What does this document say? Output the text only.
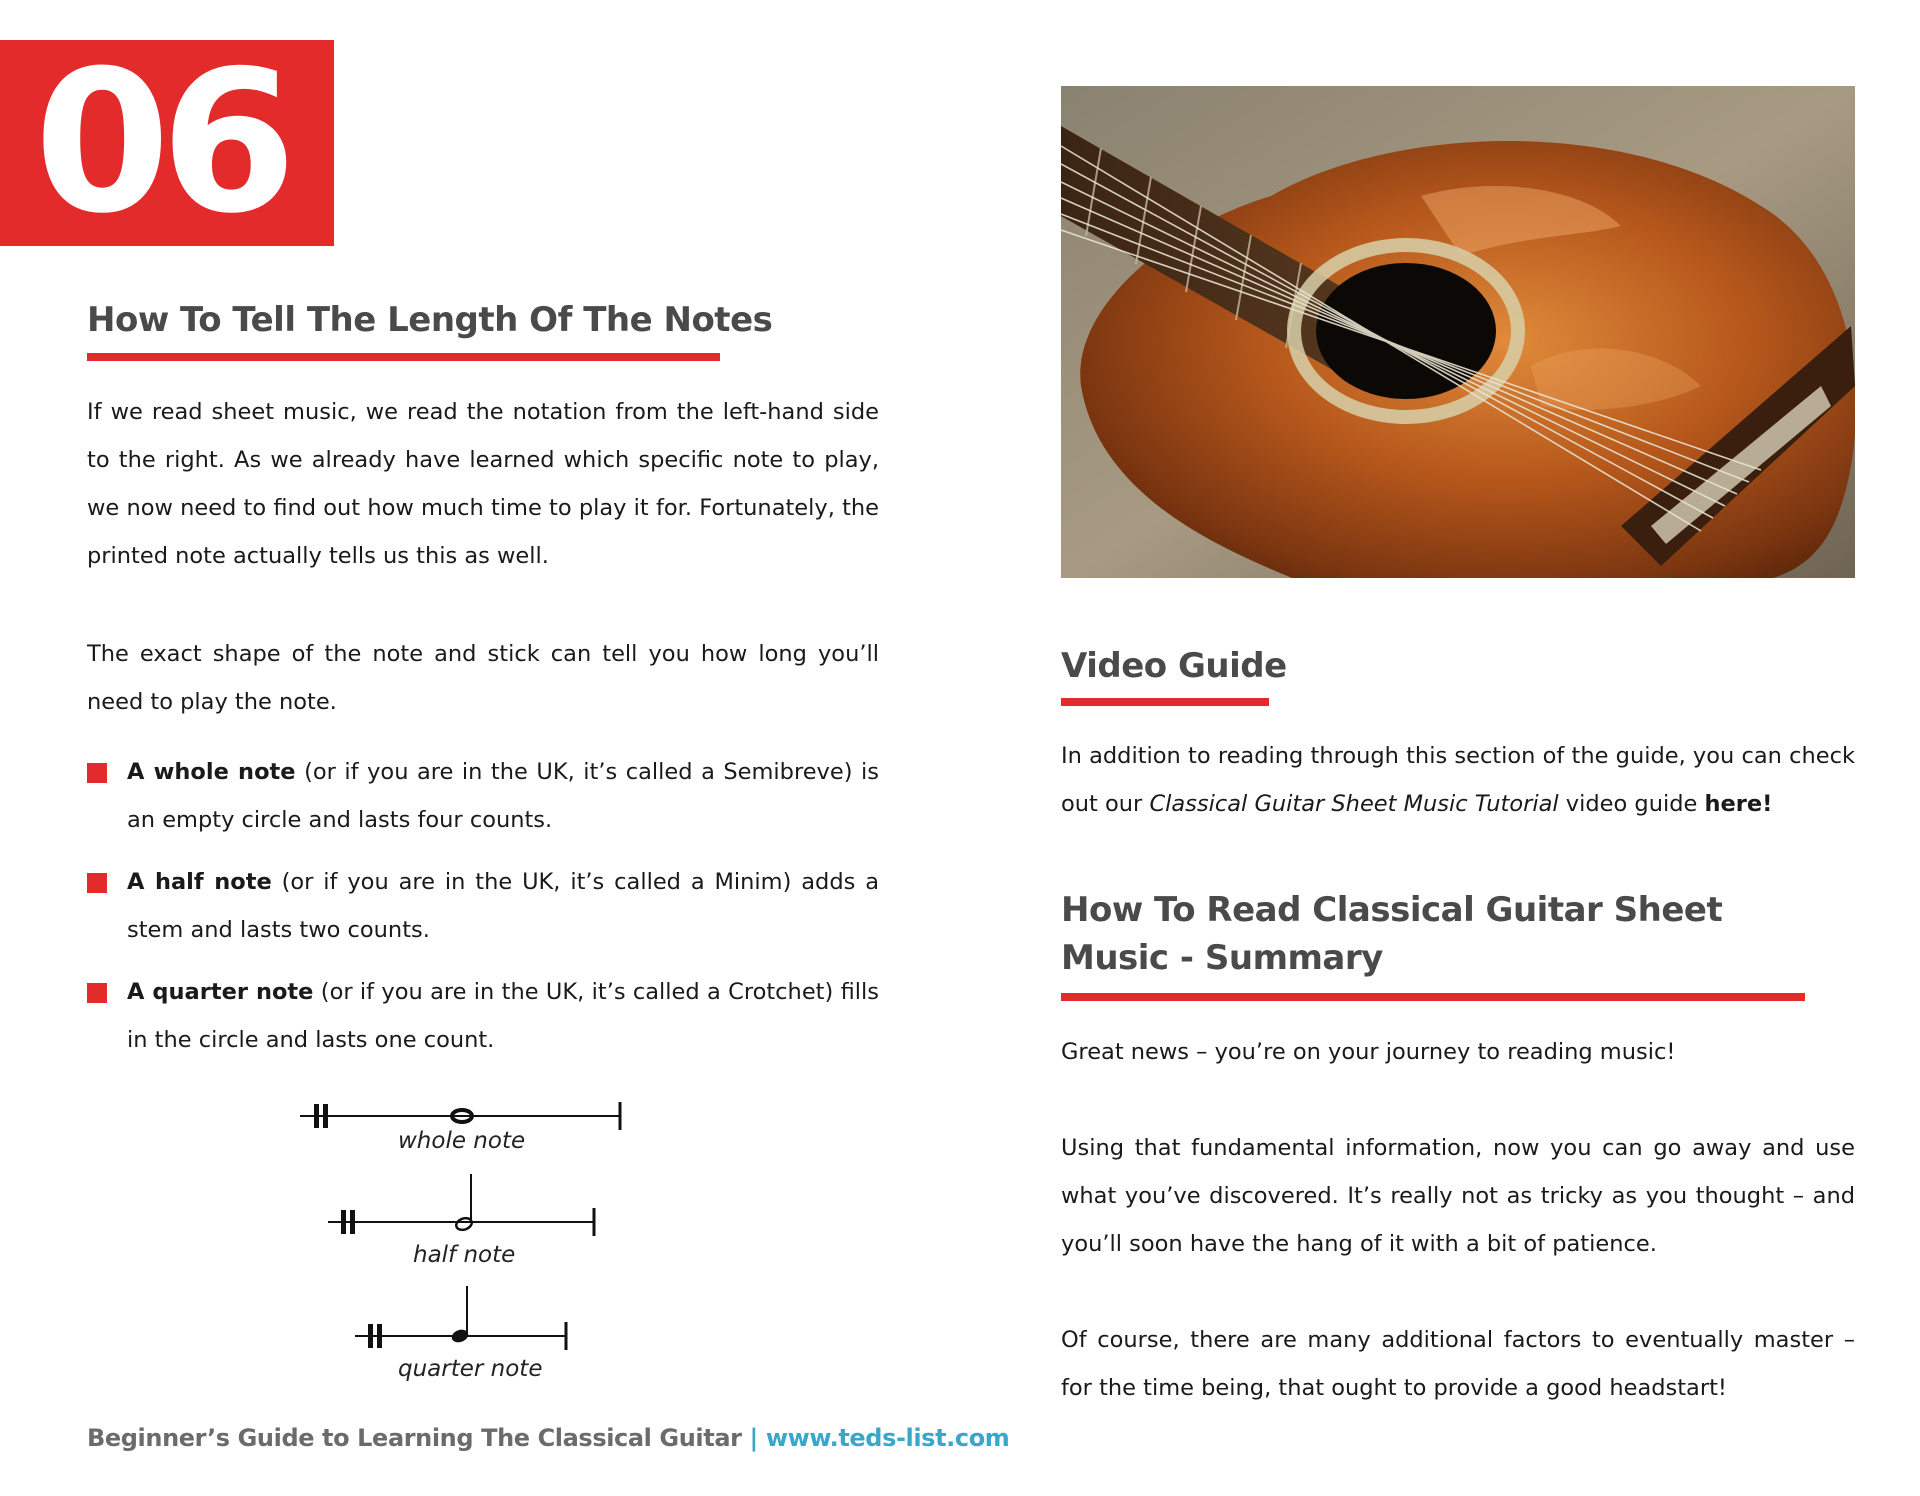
06
How To Tell The Length Of The Notes

If we read sheet music, we read the notation from the left-hand side to the right. As we already have learned which specific note to play, we now need to find out how much time to play it for. Fortunately, the printed note actually tells us this as well.

The exact shape of the note and stick can tell you how long you’ll need to play the note.

A whole note (or if you are in the UK, it’s called a Semibreve) is an empty circle and lasts four counts.
A half note (or if you are in the UK, it’s called a Minim) adds a stem and lasts two counts.
A quarter note (or if you are in the UK, it’s called a Crotchet) fills in the circle and lasts one count.
whole note
half note
quarter note
Video Guide

In addition to reading through this section of the guide, you can check out our Classical Guitar Sheet Music Tutorial video guide here!

How To Read Classical Guitar Sheet Music - Summary

Great news – you’re on your journey to reading music!

Using that fundamental information, now you can go away and use what you’ve discovered. It’s really not as tricky as you thought – and you’ll soon have the hang of it with a bit of patience.

Of course, there are many additional factors to eventually master – for the time being, that ought to provide a good headstart!

Beginner’s Guide to Learning The Classical Guitar | www.teds-list.com
